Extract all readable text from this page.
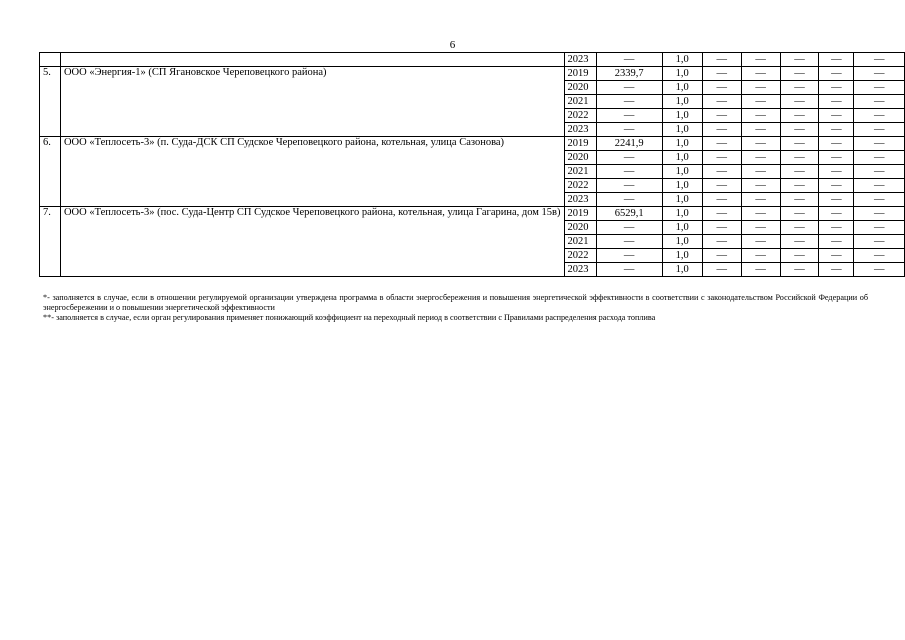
6
		2023	—	1,0	—	—	—	—	—
5.	ООО «Энергия-1» (СП Ягановское Череповецкого района)	2019	2339,7	1,0	—	—	—	—	—
		2020	—	1,0	—	—	—	—	—
		2021	—	1,0	—	—	—	—	—
		2022	—	1,0	—	—	—	—	—
		2023	—	1,0	—	—	—	—	—
6.	ООО «Теплосеть-3» (п. Суда-ДСК СП Судское Череповецкого района, котельная, улица Сазонова)	2019	2241,9	1,0	—	—	—	—	—
		2020	—	1,0	—	—	—	—	—
		2021	—	1,0	—	—	—	—	—
		2022	—	1,0	—	—	—	—	—
		2023	—	1,0	—	—	—	—	—
7.	ООО «Теплосеть-3» (пос. Суда-Центр СП Судское Череповецкого района, котельная, улица Гагарина, дом 15в)	2019	6529,1	1,0	—	—	—	—	—
		2020	—	1,0	—	—	—	—	—
		2021	—	1,0	—	—	—	—	—
		2022	—	1,0	—	—	—	—	—
		2023	—	1,0	—	—	—	—	—

*- заполняется в случае, если в отношении регулируемой организации утверждена программа в области энергосбережения и повышения энергетической эффективности в соответствии с законодательством Российской Федерации об энергосбережении и о повышении энергетической эффективности

**- заполняется в случае, если орган регулирования применяет понижающий коэффициент на переходный период в соответствии с Правилами распределения расхода топлива
